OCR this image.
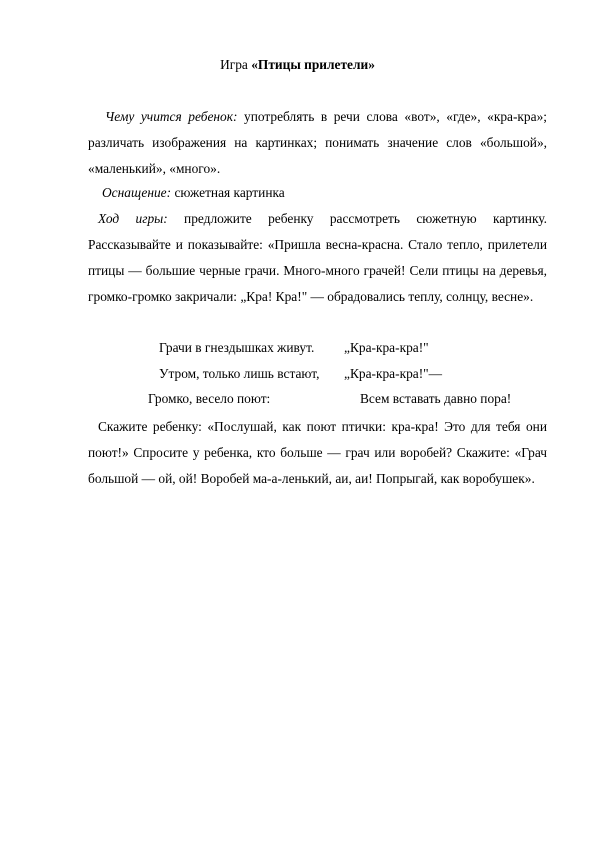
Игра «Птицы прилетели»
Чему учится ребенок: употреблять в речи слова «вот», «где», «кра-кра»; различать изображения на картинках; понимать значение слов «большой», «маленький», «много».
Оснащение: сюжетная картинка
Ход игры: предложите ребенку рассмотреть сюжетную картинку. Рассказывайте и показывайте: «Пришла весна-красна. Стало тепло, прилетели птицы — большие черные грачи. Много-много грачей! Сели птицы на деревья, громко-громко закричали: „Кра! Кра!" — обрадовались теплу, солнцу, весне».
Грачи в гнездышках живут. „Кра-кра-кра!"
Утром, только лишь встают, „Кра-кра-кра!"—
Громко, весело поют:	Всем вставать давно пора!
Скажите ребенку: «Послушай, как поют птички: кра-кра! Это для тебя они поют!» Спросите у ребенка, кто больше — грач или воробей? Скажите: «Грач большой — ой, ой! Воробей ма-а-ленький, аи, аи! Попрыгай, как воробушек».
